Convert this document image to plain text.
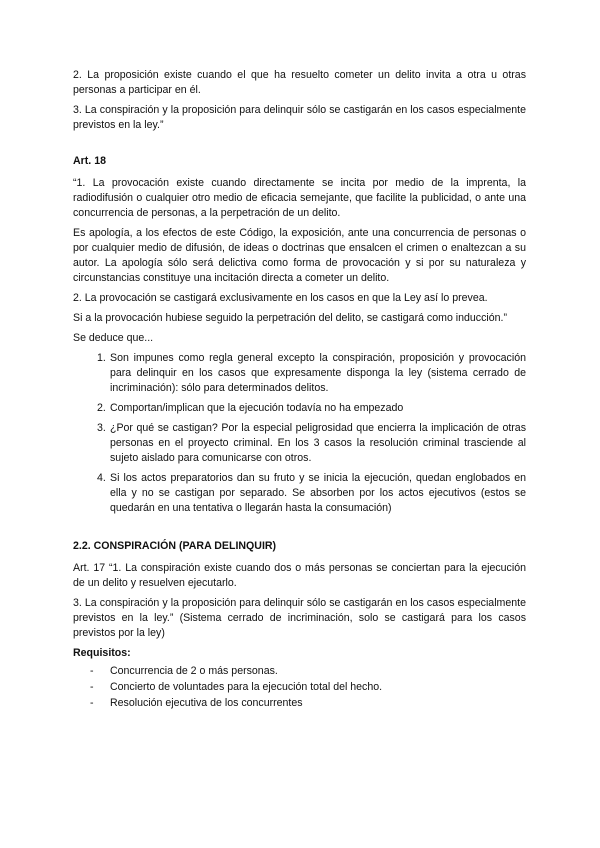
2. La proposición existe cuando el que ha resuelto cometer un delito invita a otra u otras personas a participar en él.

3. La conspiración y la proposición para delinquir sólo se castigarán en los casos especialmente previstos en la ley.”

Art. 18

“1. La provocación existe cuando directamente se incita por medio de la imprenta, la radiodifusión o cualquier otro medio de eficacia semejante, que facilite la publicidad, o ante una concurrencia de personas, a la perpetración de un delito.

Es apología, a los efectos de este Código, la exposición, ante una concurrencia de personas o por cualquier medio de difusión, de ideas o doctrinas que ensalcen el crimen o enaltezcan a su autor. La apología sólo será delictiva como forma de provocación y si por su naturaleza y circunstancias constituye una incitación directa a cometer un delito.

2. La provocación se castigará exclusivamente en los casos en que la Ley así lo prevea.

Si a la provocación hubiese seguido la perpetración del delito, se castigará como inducción.”

Se deduce que...

1. Son impunes como regla general excepto la conspiración, proposición y provocación para delinquir en los casos que expresamente disponga la ley (sistema cerrado de incriminación): sólo para determinados delitos.
2. Comportan/implican que la ejecución todavía no ha empezado
3. ¿Por qué se castigan? Por la especial peligrosidad que encierra la implicación de otras personas en el proyecto criminal. En los 3 casos la resolución criminal trasciende al sujeto aislado para comunicarse con otros.
4. Si los actos preparatorios dan su fruto y se inicia la ejecución, quedan englobados en ella y no se castigan por separado. Se absorben por los actos ejecutivos (estos se quedarán en una tentativa o llegarán hasta la consumación)

2.2. CONSPIRACIÓN (PARA DELINQUIR)

Art. 17 “1. La conspiración existe cuando dos o más personas se conciertan para la ejecución de un delito y resuelven ejecutarlo.

3. La conspiración y la proposición para delinquir sólo se castigarán en los casos especialmente previstos en la ley.” (Sistema cerrado de incriminación, solo se castigará para los casos previstos por la ley)

Requisitos:

- Concurrencia de 2 o más personas.
- Concierto de voluntades para la ejecución total del hecho.
- Resolución ejecutiva de los concurrentes
